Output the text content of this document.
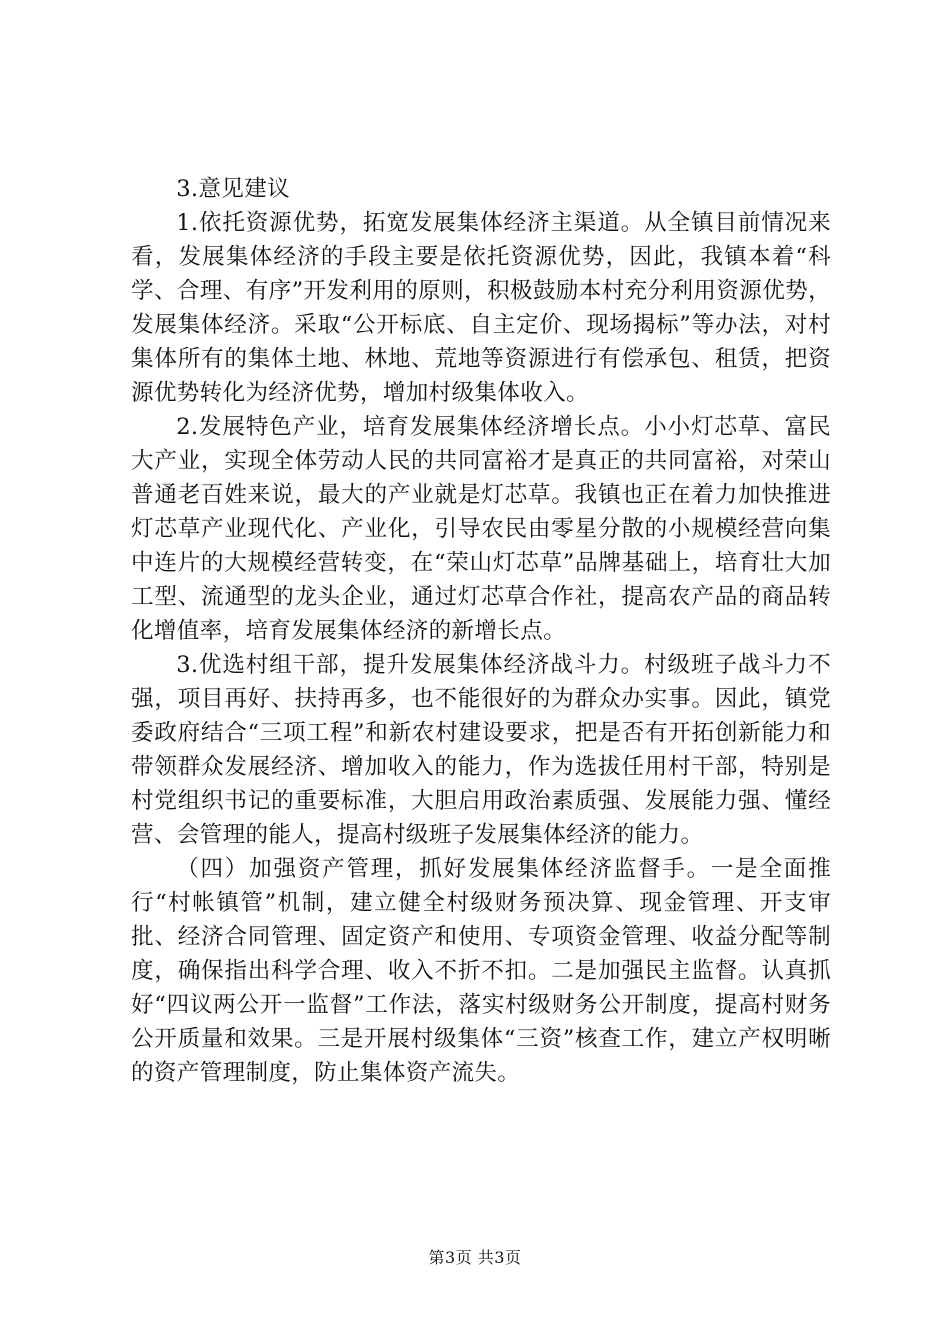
3.意见建议

1.依托资源优势，拓宽发展集体经济主渠道。从全镇目前情况来看，发展集体经济的手段主要是依托资源优势，因此，我镇本着“科学、合理、有序”开发利用的原则，积极鼓励本村充分利用资源优势，发展集体经济。采取“公开标底、自主定价、现场揭标”等办法，对村集体所有的集体土地、林地、荒地等资源进行有偿承包、租赁，把资源优势转化为经济优势，增加村级集体收入。

2.发展特色产业，培育发展集体经济增长点。小小灯芯草、富民大产业，实现全体劳动人民的共同富裕才是真正的共同富裕，对荣山普通老百姓来说，最大的产业就是灯芯草。我镇也正在着力加快推进灯芯草产业现代化、产业化，引导农民由零星分散的小规模经营向集中连片的大规模经营转变，在“荣山灯芯草”品牌基础上，培育壮大加工型、流通型的龙头企业，通过灯芯草合作社，提高农产品的商品转化增值率，培育发展集体经济的新增长点。

3.优选村组干部，提升发展集体经济战斗力。村级班子战斗力不强，项目再好、扶持再多，也不能很好的为群众办实事。因此，镇党委政府结合“三项工程”和新农村建设要求，把是否有开拓创新能力和带领群众发展经济、增加收入的能力，作为选拔任用村干部，特别是村党组织书记的重要标准，大胆启用政治素质强、发展能力强、懂经营、会管理的能人，提高村级班子发展集体经济的能力。

（四）加强资产管理，抓好发展集体经济监督手。一是全面推行“村帐镇管”机制，建立健全村级财务预决算、现金管理、开支审批、经济合同管理、固定资产和使用、专项资金管理、收益分配等制度，确保指出科学合理、收入不折不扣。二是加强民主监督。认真抓好“四议两公开一监督”工作法，落实村级财务公开制度，提高村财务公开质量和效果。三是开展村级集体“三资”核查工作，建立产权明晰的资产管理制度，防止集体资产流失。

第3页 共3页
